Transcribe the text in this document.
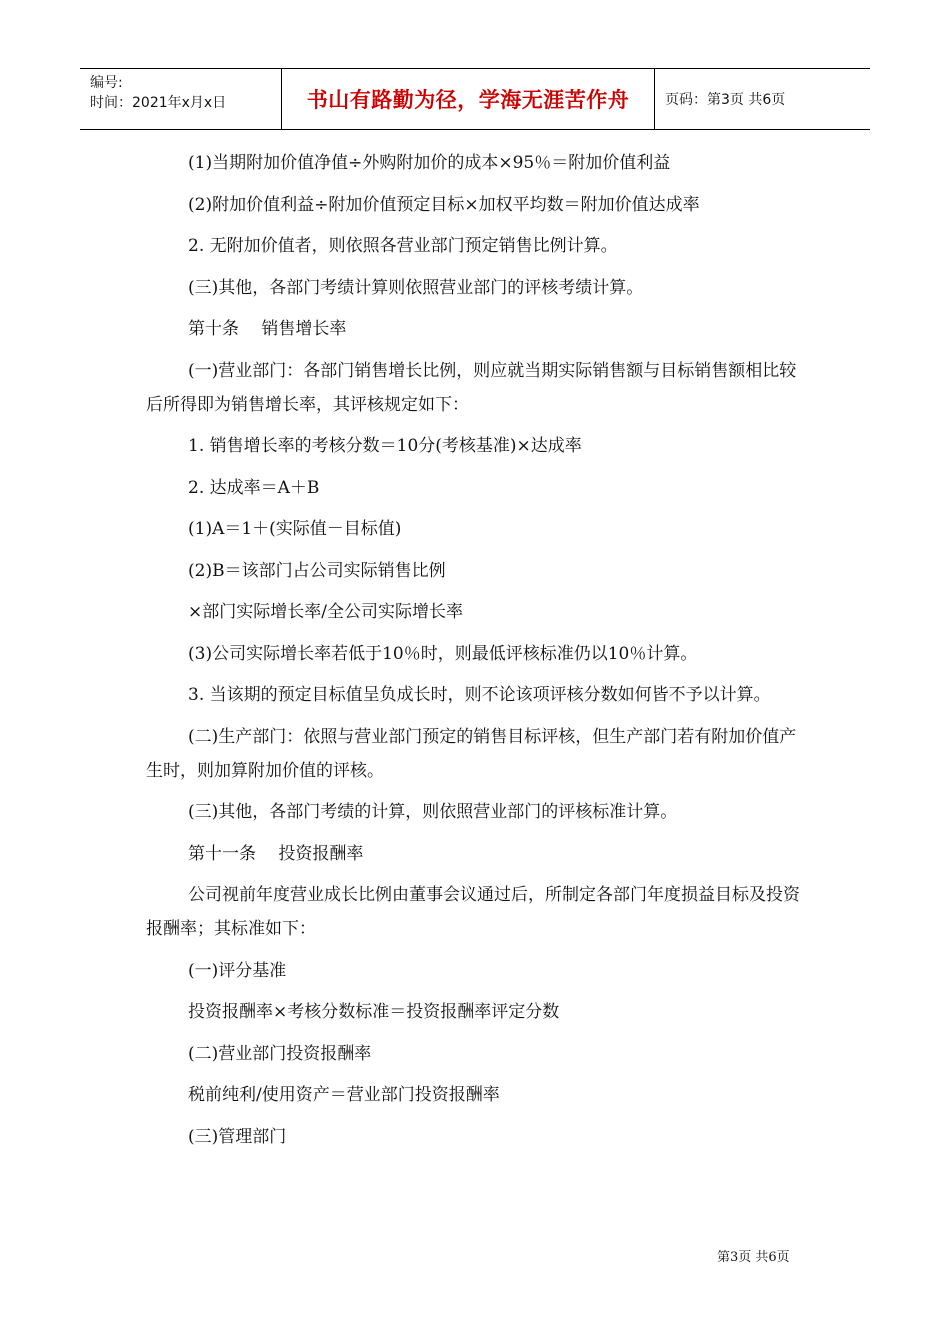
编号:
时间：2021年x月x日	书山有路勤为径，学海无涯苦作舟	页码：第3页 共6页

(1)当期附加价值净值÷外购附加价的成本×95％＝附加价值利益

(2)附加价值利益÷附加价值预定目标×加权平均数＝附加价值达成率

2. 无附加价值者，则依照各营业部门预定销售比例计算。

(三)其他，各部门考绩计算则依照营业部门的评核考绩计算。

第十条　 销售增长率

(一)营业部门：各部门销售增长比例，则应就当期实际销售额与目标销售额相比较后所得即为销售增长率，其评核规定如下：

1. 销售增长率的考核分数＝10分(考核基准)×达成率

2. 达成率＝A＋B

(1)A＝1＋(实际值－目标值)

(2)B＝该部门占公司实际销售比例

×部门实际增长率/全公司实际增长率

(3)公司实际增长率若低于10％时，则最低评核标准仍以10％计算。

3. 当该期的预定目标值呈负成长时，则不论该项评核分数如何皆不予以计算。

(二)生产部门：依照与营业部门预定的销售目标评核，但生产部门若有附加价值产生时，则加算附加价值的评核。

(三)其他，各部门考绩的计算，则依照营业部门的评核标准计算。

第十一条　 投资报酬率

公司视前年度营业成长比例由董事会议通过后，所制定各部门年度损益目标及投资报酬率；其标准如下：

(一)评分基准

投资报酬率×考核分数标准＝投资报酬率评定分数

(二)营业部门投资报酬率

税前纯利/使用资产＝营业部门投资报酬率

(三)管理部门

第3页 共6页
